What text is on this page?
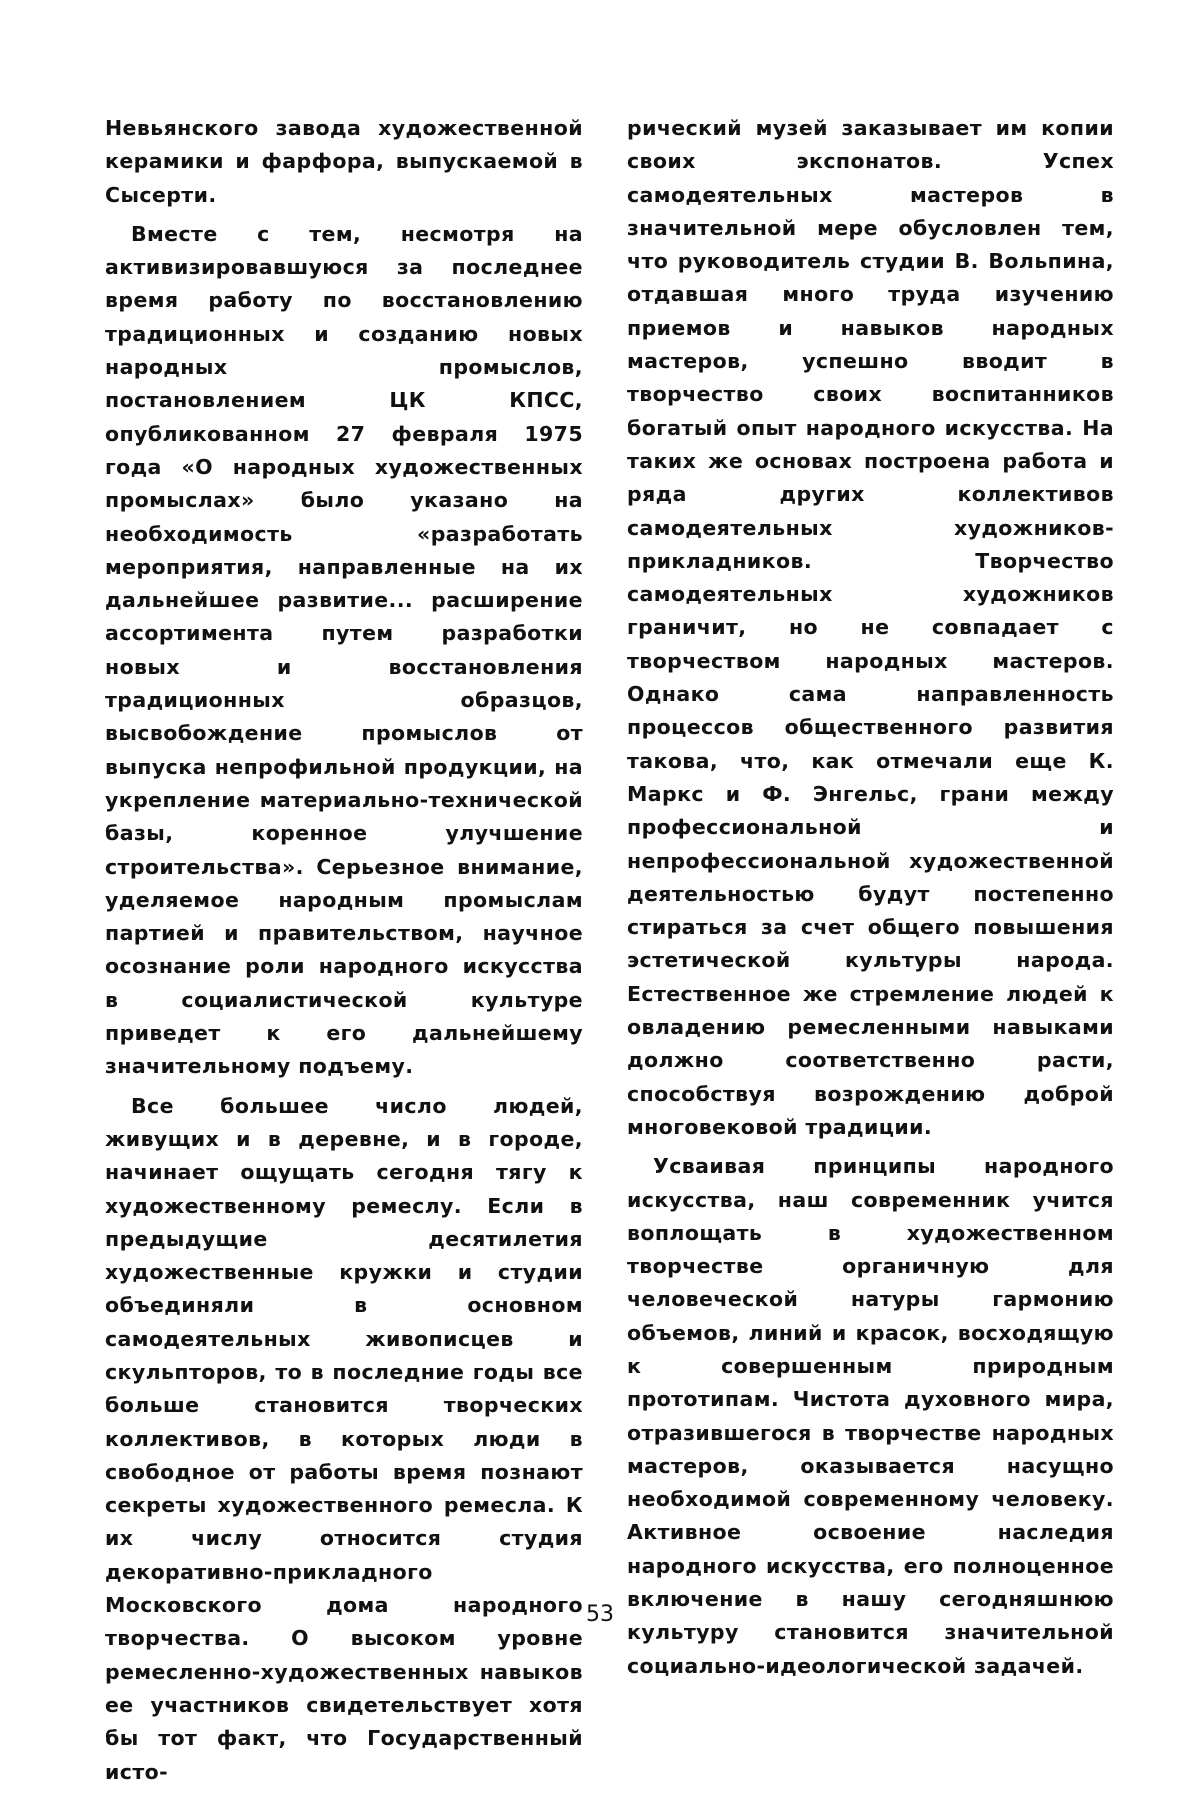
Невьянского завода художественной керамики и фарфора, выпускаемой в Сысерти.

Вместе с тем, несмотря на активизировавшуюся за последнее время работу по восстановлению традиционных и созданию новых народных промыслов, постановлением ЦК КПСС, опубликованном 27 февраля 1975 года «О народных художественных промыслах» было указано на необходимость «разработать мероприятия, направленные на их дальнейшее развитие... расширение ассортимента путем разработки новых и восстановления традиционных образцов, высвобождение промыслов от выпуска непрофильной продукции, на укрепление материально-технической базы, коренное улучшение строительства». Серьезное внимание, уделяемое народным промыслам партией и правительством, научное осознание роли народного искусства в социалистической культуре приведет к его дальнейшему значительному подъему.

Все большее число людей, живущих и в деревне, и в городе, начинает ощущать сегодня тягу к художественному ремеслу. Если в предыдущие десятилетия художественные кружки и студии объединяли в основном самодеятельных живописцев и скульпторов, то в последние годы все больше становится творческих коллективов, в которых люди в свободное от работы время познают секреты художественного ремесла. К их числу относится студия декоративно-прикладного Московского дома народного творчества. О высоком уровне ремесленно-художественных навыков ее участников свидетельствует хотя бы тот факт, что Государственный исто-

рический музей заказывает им копии своих экспонатов. Успех самодеятельных мастеров в значительной мере обусловлен тем, что руководитель студии В. Вольпина, отдавшая много труда изучению приемов и навыков народных мастеров, успешно вводит в творчество своих воспитанников богатый опыт народного искусства. На таких же основах построена работа и ряда других коллективов самодеятельных художников-прикладников. Творчество самодеятельных художников граничит, но не совпадает с творчеством народных мастеров. Однако сама направленность процессов общественного развития такова, что, как отмечали еще К. Маркс и Ф. Энгельс, грани между профессиональной и непрофессиональной художественной деятельностью будут постепенно стираться за счет общего повышения эстетической культуры народа. Естественное же стремление людей к овладению ремесленными навыками должно соответственно расти, способствуя возрождению доброй многовековой традиции.

Усваивая принципы народного искусства, наш современник учится воплощать в художественном творчестве органичную для человеческой натуры гармонию объемов, линий и красок, восходящую к совершенным природным прототипам. Чистота духовного мира, отразившегося в творчестве народных мастеров, оказывается насущно необходимой современному человеку. Активное освоение наследия народного искусства, его полноценное включение в нашу сегодняшнюю культуру становится значительной социально-идеологической задачей.

53
